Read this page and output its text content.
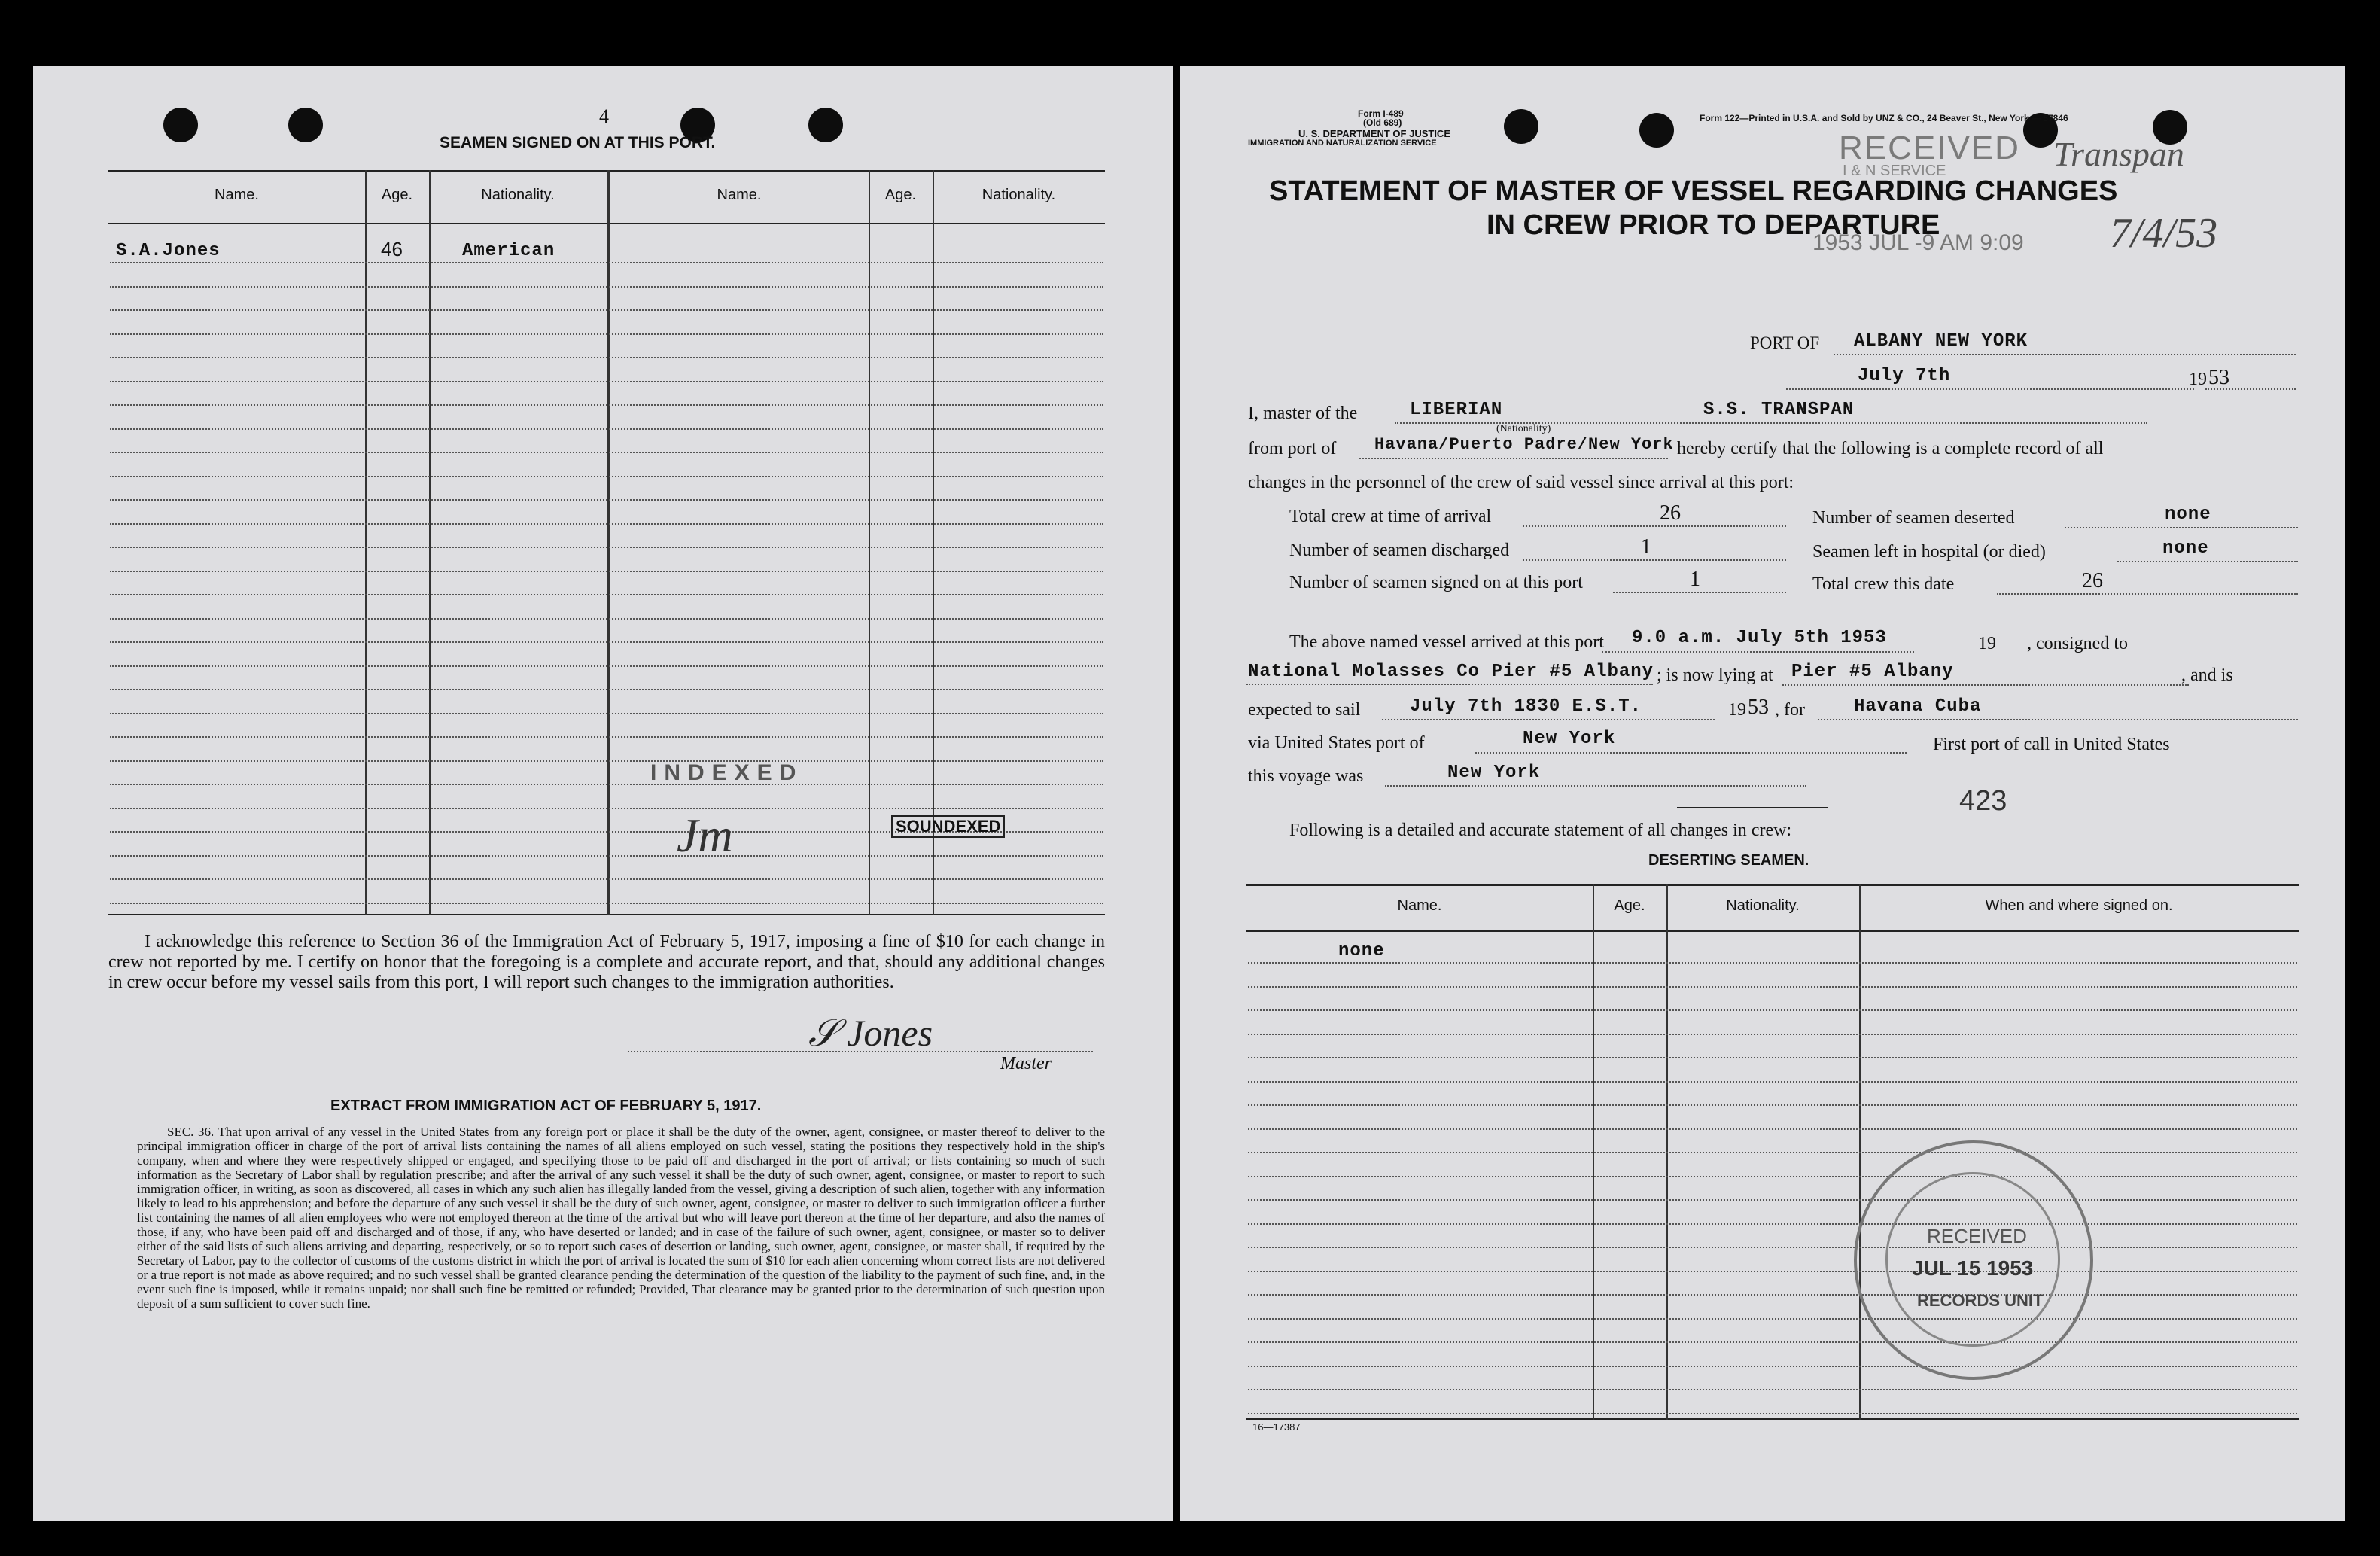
4
SEAMEN SIGNED ON AT THIS PORT.
Name.	Age.	Nationality.	Name.	Age.	Nationality.
S.A.Jones	46	American
INDEXED
Jm	SOUNDEXED
I acknowledge this reference to Section 36 of the Immigration Act of February 5, 1917, imposing a fine of $10 for each change in crew not reported by me. I certify on honor that the foregoing is a complete and accurate report, and that, should any additional changes in crew occur before my vessel sails from this port, I will report such changes to the immigration authorities.
𝒮 Jones
Master
EXTRACT FROM IMMIGRATION ACT OF FEBRUARY 5, 1917.
SEC. 36. That upon arrival of any vessel in the United States from any foreign port or place it shall be the duty of the owner, agent, consignee, or master thereof to deliver to the principal immigration officer in charge of the port of arrival lists containing the names of all aliens employed on such vessel, stating the positions they respectively hold in the ship's company, when and where they were respectively shipped or engaged, and specifying those to be paid off and discharged in the port of arrival; or lists containing so much of such information as the Secretary of Labor shall by regulation prescribe; and after the arrival of any such vessel it shall be the duty of such owner, agent, consignee, or master to report to such immigration officer, in writing, as soon as discovered, all cases in which any such alien has illegally landed from the vessel, giving a description of such alien, together with any information likely to lead to his apprehension; and before the departure of any such vessel it shall be the duty of such owner, agent, consignee, or master to deliver to such immigration officer a further list containing the names of all alien employees who were not employed thereon at the time of the arrival but who will leave port thereon at the time of her departure, and also the names of those, if any, who have been paid off and discharged and of those, if any, who have deserted or landed; and in case of the failure of such owner, agent, consignee, or master so to deliver either of the said lists of such aliens arriving and departing, respectively, or so to report such cases of desertion or landing, such owner, agent, consignee, or master shall, if required by the Secretary of Labor, pay to the collector of customs of the customs district in which the port of arrival is located the sum of $10 for each alien concerning whom correct lists are not delivered or a true report is not made as above required; and no such vessel shall be granted clearance pending the determination of the question of the liability to the payment of such fine, and, in the event such fine is imposed, while it remains unpaid; nor shall such fine be remitted or refunded; Provided, That clearance may be granted prior to the determination of such question upon deposit of a sum sufficient to cover such fine.
Form I-489
(Old 689)
U. S. DEPARTMENT OF JUSTICE
IMMIGRATION AND NATURALIZATION SERVICE
Form 122—Printed in U.S.A. and Sold by UNZ & CO., 24 Beaver St., New York — 57846
RECEIVED
I & N SERVICE
1953 JUL -9 AM 9:09
Transpan
7/4/53
STATEMENT OF MASTER OF VESSEL REGARDING CHANGES
IN CREW PRIOR TO DEPARTURE
PORT OF ALBANY NEW YORK
July 7th	19 53
I, master of the	LIBERIAN
(Nationality)
S.S. TRANSPAN
from port of Havana/Puerto Padre/New York hereby certify that the following is a complete record of all
changes in the personnel of the crew of said vessel since arrival at this port:
Total crew at time of arrival	26	Number of seamen deserted	none
Number of seamen discharged	1	Seamen left in hospital (or died)	none
Number of seamen signed on at this port	1	Total crew this date	26
The above named vessel arrived at this port 9.0 a.m. July 5th 1953	19 , consigned to
National Molasses Co Pier #5 Albany ; is now lying at Pier #5 Albany	, and is
expected to sail	July 7th 1830 E.S.T.	19 53 , for	Havana Cuba
via United States port of	New York	First port of call in United States
this voyage was	New York
423
Following is a detailed and accurate statement of all changes in crew:
DESERTING SEAMEN.
Name.	Age.	Nationality.	When and where signed on.
none
RECEIVED
JUL 15 1953
RECORDS UNIT
16—17387
